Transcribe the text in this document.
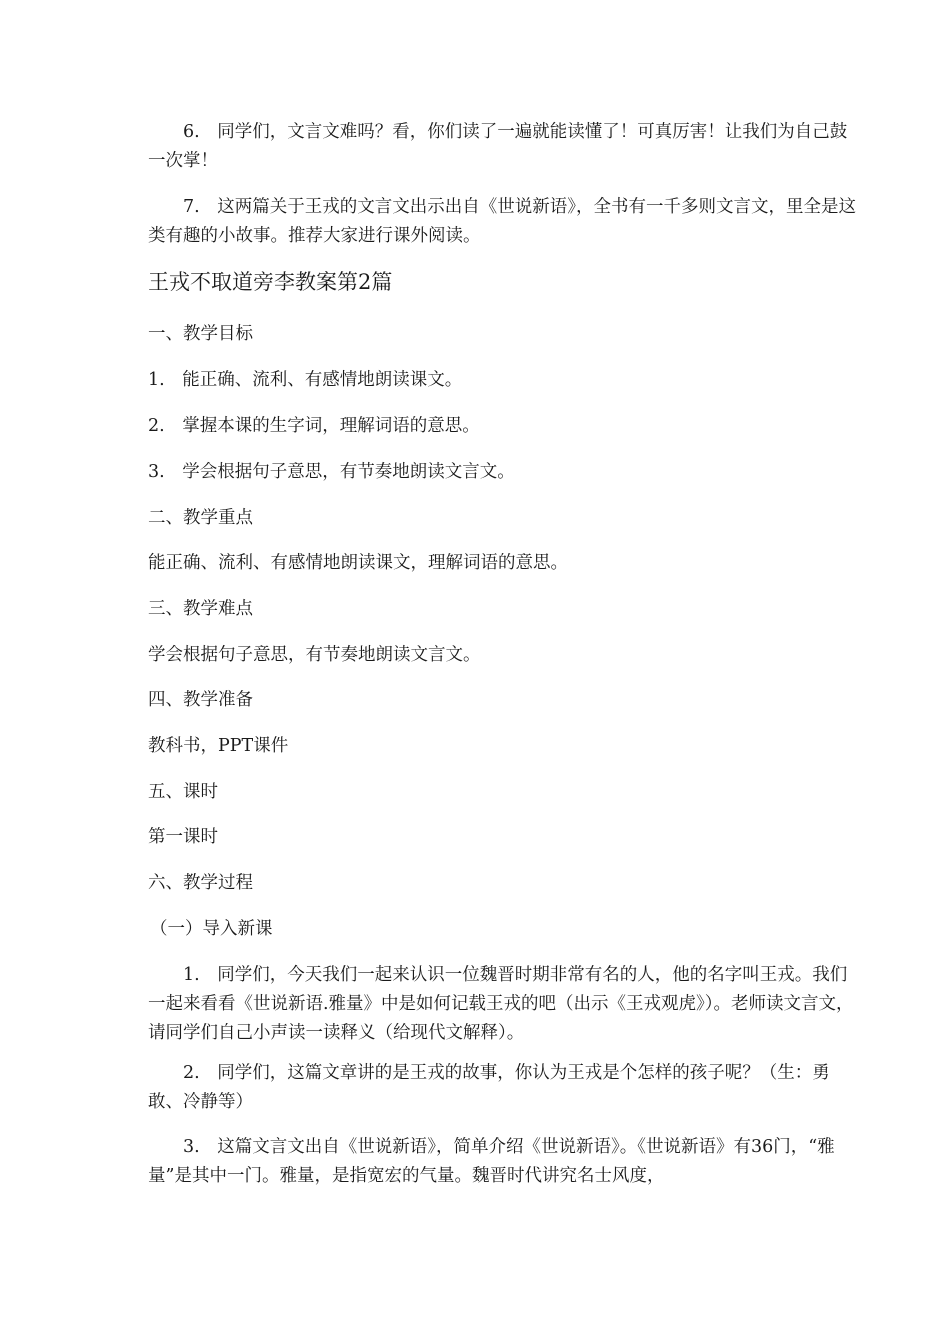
6.　同学们，文言文难吗？看，你们读了一遍就能读懂了！可真厉害！让我们为自己鼓一次掌！

7.　这两篇关于王戎的文言文出示出自《世说新语》，全书有一千多则文言文，里全是这类有趣的小故事。推荐大家进行课外阅读。

王戎不取道旁李教案第2篇

一、教学目标

1.　能正确、流利、有感情地朗读课文。

2.　掌握本课的生字词，理解词语的意思。

3.　学会根据句子意思，有节奏地朗读文言文。

二、教学重点

能正确、流利、有感情地朗读课文，理解词语的意思。

三、教学难点

学会根据句子意思，有节奏地朗读文言文。

四、教学准备

教科书，PPT课件

五、课时

第一课时

六、教学过程

（一）导入新课

1.　同学们，今天我们一起来认识一位魏晋时期非常有名的人，他的名字叫王戎。我们一起来看看《世说新语.雅量》中是如何记载王戎的吧（出示《王戎观虎》）。老师读文言文，请同学们自己小声读一读释义（给现代文解释）。

2.　同学们，这篇文章讲的是王戎的故事，你认为王戎是个怎样的孩子呢？（生：勇敢、冷静等）

3.　这篇文言文出自《世说新语》，简单介绍《世说新语》。《世说新语》有36门，“雅量”是其中一门。雅量，是指宽宏的气量。魏晋时代讲究名士风度，
